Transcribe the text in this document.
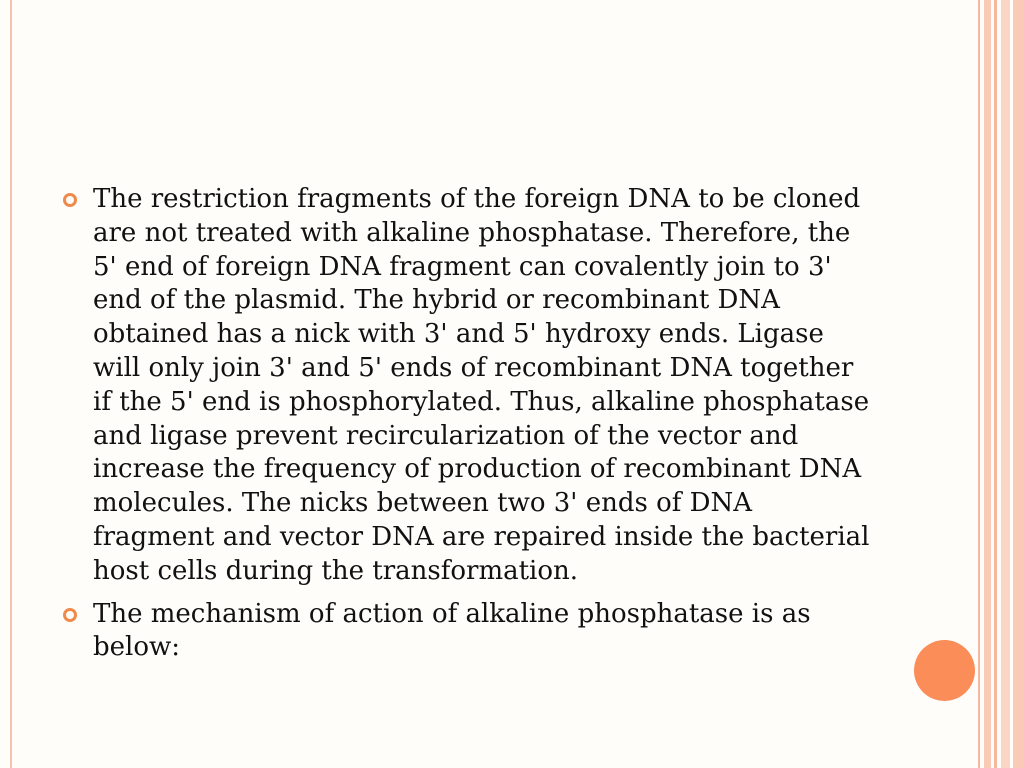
The restriction fragments of the foreign DNA to be cloned are not treated with alkaline phosphatase. Therefore, the 5' end of foreign DNA fragment can covalently join to 3' end of the plasmid. The hybrid or recombinant DNA obtained has a nick with 3' and 5' hydroxy ends. Ligase will only join 3' and 5' ends of recombinant DNA together if the 5' end is phosphorylated. Thus, alkaline phosphatase and ligase prevent recircularization of the vector and increase the frequency of production of recombinant DNA molecules. The nicks between two 3' ends of DNA fragment and vector DNA are repaired inside the bacterial host cells during the transformation.
The mechanism of action of alkaline phosphatase is as below:
